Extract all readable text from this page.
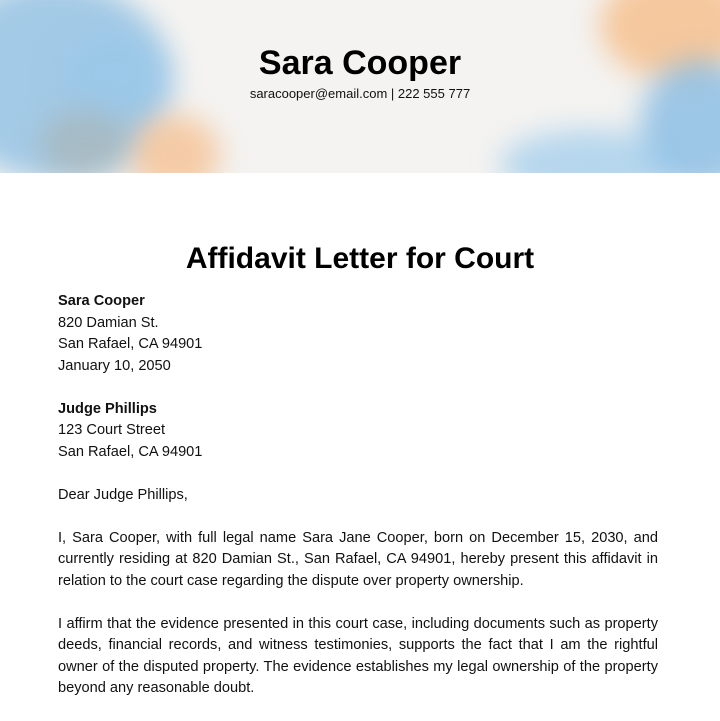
Sara Cooper
saracooper@email.com | 222 555 777
Affidavit Letter for Court

Sara Cooper
820 Damian St.
San Rafael, CA 94901
January 10, 2050

Judge Phillips
123 Court Street
San Rafael, CA 94901

Dear Judge Phillips,

I, Sara Cooper, with full legal name Sara Jane Cooper, born on December 15, 2030, and currently residing at 820 Damian St., San Rafael, CA 94901, hereby present this affidavit in relation to the court case regarding the dispute over property ownership.

I affirm that the evidence presented in this court case, including documents such as property deeds, financial records, and witness testimonies, supports the fact that I am the rightful owner of the disputed property. The evidence establishes my legal ownership of the property beyond any reasonable doubt.
